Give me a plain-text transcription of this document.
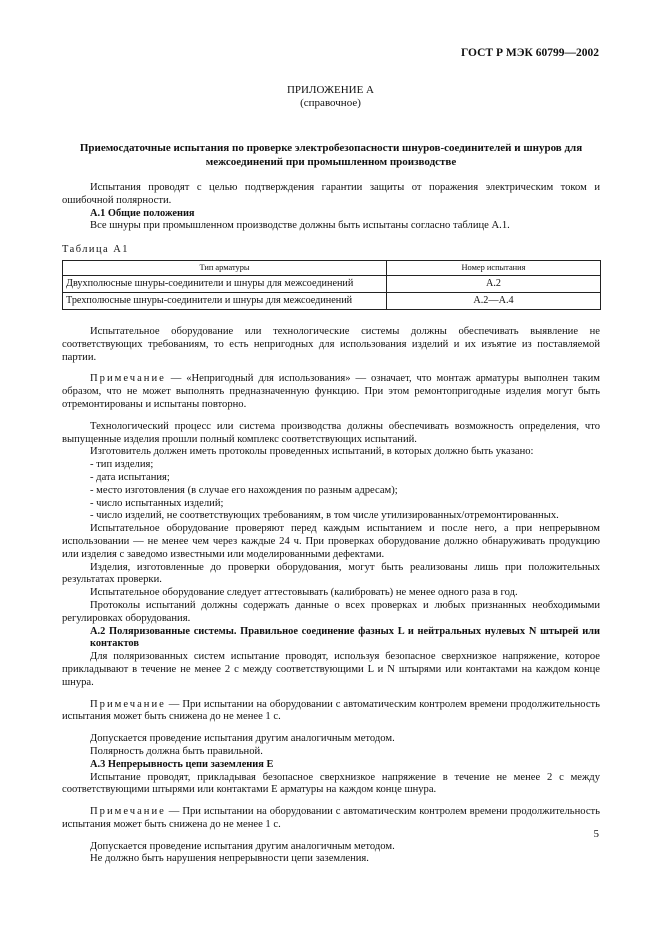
ГОСТ Р МЭК 60799—2002
ПРИЛОЖЕНИЕ А
(справочное)
Приемосдаточные испытания по проверке электробезопасности шнуров-соединителей и шнуров для межсоединений при промышленном производстве

Испытания проводят с целью подтверждения гарантии защиты от поражения электрическим током и ошибочной полярности.

А.1 Общие положения

Все шнуры при промышленном производстве должны быть испытаны согласно таблице А.1.

Таблица А1
Тип арматуры	Номер испытания
Двухполюсные шнуры-соединители и шнуры для межсоединений	А.2
Трехполюсные шнуры-соединители и шнуры для межсоединений	А.2—А.4

Испытательное оборудование или технологические системы должны обеспечивать выявление не соответствующих требованиям, то есть непригодных для использования изделий и их изъятие из поставляемой партии.

Примечание — «Непригодный для использования» — означает, что монтаж арматуры выполнен таким образом, что не может выполнять предназначенную функцию. При этом ремонтопригодные изделия могут быть отремонтированы и испытаны повторно.

Технологический процесс или система производства должны обеспечивать возможность определения, что выпущенные изделия прошли полный комплекс соответствующих испытаний.

Изготовитель должен иметь протоколы проведенных испытаний, в которых должно быть указано:

- тип изделия;

- дата испытания;

- место изготовления (в случае его нахождения по разным адресам);

- число испытанных изделий;

- число изделий, не соответствующих требованиям, в том числе утилизированных/отремонтированных.

Испытательное оборудование проверяют перед каждым испытанием и после него, а при непрерывном использовании — не менее чем через каждые 24 ч. При проверках оборудование должно обнаруживать продукцию или изделия с заведомо известными или моделированными дефектами.

Изделия, изготовленные до проверки оборудования, могут быть реализованы лишь при положительных результатах проверки.

Испытательное оборудование следует аттестовывать (калибровать) не менее одного раза в год.

Протоколы испытаний должны содержать данные о всех проверках и любых признанных необходимыми регулировках оборудования.

А.2 Поляризованные системы. Правильное соединение фазных L и нейтральных нулевых N штырей или контактов

Для поляризованных систем испытание проводят, используя безопасное сверхнизкое напряжение, которое прикладывают в течение не менее 2 с между соответствующими L и N штырями или контактами на каждом конце шнура.

Примечание — При испытании на оборудовании с автоматическим контролем времени продолжительность испытания может быть снижена до не менее 1 с.

Допускается проведение испытания другим аналогичным методом.

Полярность должна быть правильной.

А.3 Непрерывность цепи заземления Е

Испытание проводят, прикладывая безопасное сверхнизкое напряжение в течение не менее 2 с между соответствующими штырями или контактами Е арматуры на каждом конце шнура.

Примечание — При испытании на оборудовании с автоматическим контролем времени продолжительность испытания может быть снижена до не менее 1 с.

Допускается проведение испытания другим аналогичным методом.

Не должно быть нарушения непрерывности цепи заземления.

5
